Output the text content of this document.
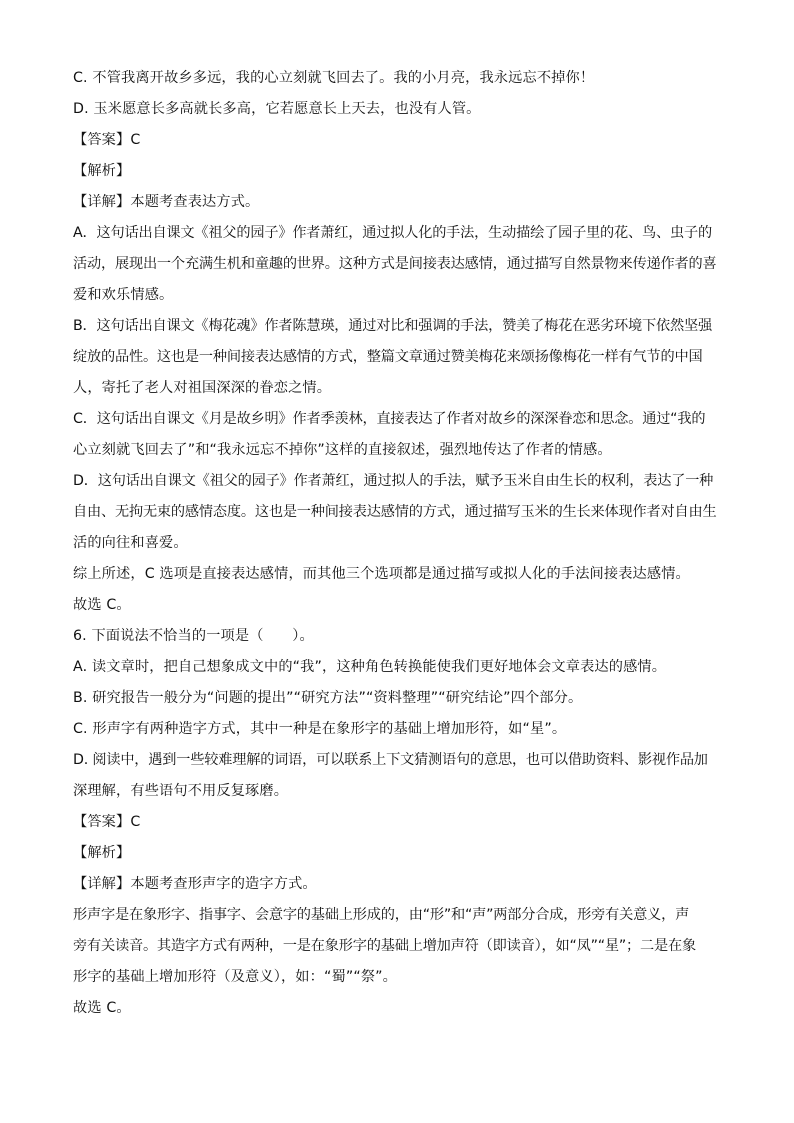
C. 不管我离开故乡多远，我的心立刻就飞回去了。我的小月亮，我永远忘不掉你！
D. 玉米愿意长多高就长多高，它若愿意长上天去，也没有人管。
【答案】C
【解析】
【详解】本题考查表达方式。
A．这句话出自课文《祖父的园子》作者萧红，通过拟人化的手法，生动描绘了园子里的花、鸟、虫子的
活动，展现出一个充满生机和童趣的世界。这种方式是间接表达感情，通过描写自然景物来传递作者的喜
爱和欢乐情感。
B．这句话出自课文《梅花魂》作者陈慧瑛，通过对比和强调的手法，赞美了梅花在恶劣环境下依然坚强
绽放的品性。这也是一种间接表达感情的方式，整篇文章通过赞美梅花来颂扬像梅花一样有气节的中国
人，寄托了老人对祖国深深的眷恋之情。
C．这句话出自课文《月是故乡明》作者季羡林，直接表达了作者对故乡的深深眷恋和思念。通过“我的
心立刻就飞回去了”和“我永远忘不掉你”这样的直接叙述，强烈地传达了作者的情感。
D．这句话出自课文《祖父的园子》作者萧红，通过拟人的手法，赋予玉米自由生长的权利，表达了一种
自由、无拘无束的感情态度。这也是一种间接表达感情的方式，通过描写玉米的生长来体现作者对自由生
活的向往和喜爱。
综上所述，C 选项是直接表达感情，而其他三个选项都是通过描写或拟人化的手法间接表达感情。
故选 C。
6. 下面说法不恰当的一项是（　　）。
A. 读文章时，把自己想象成文中的“我”，这种角色转换能使我们更好地体会文章表达的感情。
B. 研究报告一般分为“问题的提出”“研究方法”“资料整理”“研究结论”四个部分。
C. 形声字有两种造字方式，其中一种是在象形字的基础上增加形符，如“星”。
D. 阅读中，遇到一些较难理解的词语，可以联系上下文猜测语句的意思，也可以借助资料、影视作品加
深理解，有些语句不用反复琢磨。
【答案】C
【解析】
【详解】本题考查形声字的造字方式。
形声字是在象形字、指事字、会意字的基础上形成的，由“形”和“声”两部分合成，形旁有关意义，声
旁有关读音。其造字方式有两种，一是在象形字的基础上增加声符（即读音），如“凤”“星”；二是在象
形字的基础上增加形符（及意义），如：“蜀”“祭”。
故选 C。
